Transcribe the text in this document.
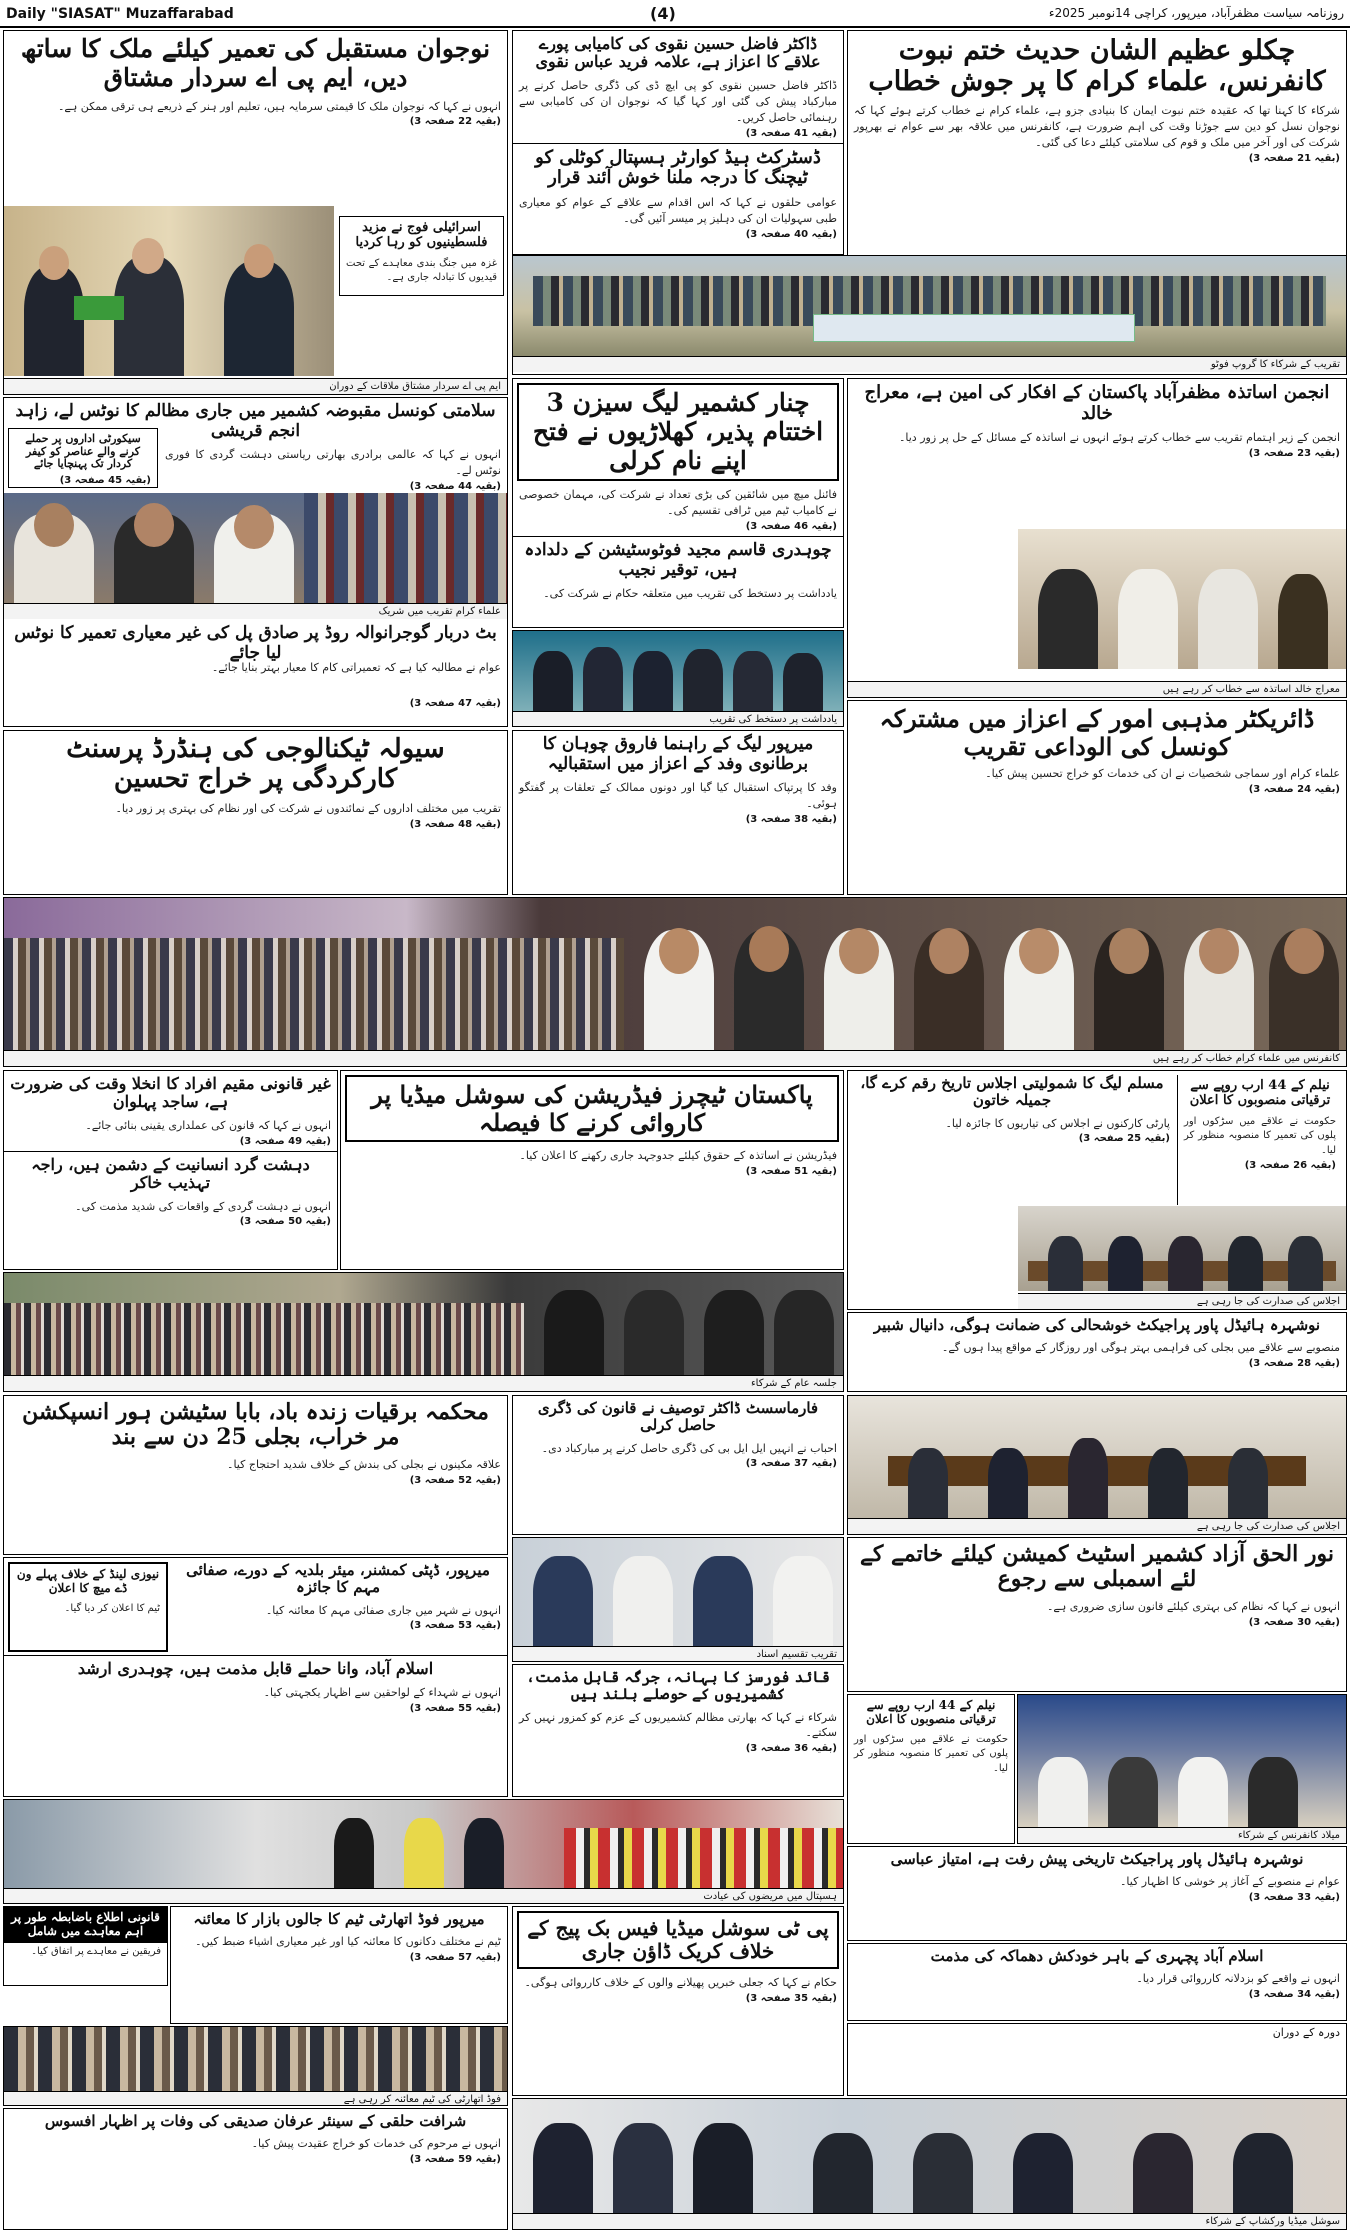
Daily "SIASAT" Muzaffarabad	(4)	روزنامہ سیاست مظفرآباد، میرپور، کراچی 14نومبر 2025ء
چکلو عظیم الشان حدیث ختم نبوت کانفرنس، علماء کرام کا پر جوش خطاب
شرکاء کا کہنا تھا کہ عقیدہ ختم نبوت ایمان کا بنیادی جزو ہے، علماء کرام نے خطاب کرتے ہوئے کہا کہ نوجوان نسل کو دین سے جوڑنا وقت کی اہم ضرورت ہے، کانفرنس میں علاقہ بھر سے عوام نے بھرپور شرکت کی اور آخر میں ملک و قوم کی سلامتی کیلئے دعا کی گئی۔
(بقیہ 21 صفحہ 3)
ڈاکٹر فاضل حسین نقوی کی کامیابی پورے علاقے کا اعزاز ہے، علامہ فرید عباس نقوی
ڈاکٹر فاضل حسین نقوی کو پی ایچ ڈی کی ڈگری حاصل کرنے پر مبارکباد پیش کی گئی اور کہا گیا کہ نوجوان ان کی کامیابی سے رہنمائی حاصل کریں۔
(بقیہ 41 صفحہ 3)
ڈسٹرکٹ ہیڈ کوارٹر ہسپتال کوٹلی کو ٹیچنگ کا درجہ ملنا خوش آئند قرار
عوامی حلقوں نے کہا کہ اس اقدام سے علاقے کے عوام کو معیاری طبی سہولیات ان کی دہلیز پر میسر آئیں گی۔
(بقیہ 40 صفحہ 3)
تقریب کے شرکاء کا گروپ فوٹو
نوجوان مستقبل کی تعمیر کیلئے ملک کا ساتھ دیں، ایم پی اے سردار مشتاق
انہوں نے کہا کہ نوجوان ملک کا قیمتی سرمایہ ہیں، تعلیم اور ہنر کے ذریعے ہی ترقی ممکن ہے۔
(بقیہ 22 صفحہ 3)
ایم پی اے سردار مشتاق ملاقات کے دوران
اسرائیلی فوج نے مزید فلسطینیوں کو رہا کردیا
غزہ میں جنگ بندی معاہدے کے تحت قیدیوں کا تبادلہ جاری ہے۔
سلامتی کونسل مقبوضہ کشمیر میں جاری مظالم کا نوٹس لے، زاہد انجم قریشی
سیکورٹی اداروں پر حملے کرنے والے عناصر کو کیفر کردار تک پہنچایا جائے
(بقیہ 45 صفحہ 3)
انہوں نے کہا کہ عالمی برادری بھارتی ریاستی دہشت گردی کا فوری نوٹس لے۔
(بقیہ 44 صفحہ 3)
علماء کرام تقریب میں شریک
بٹ دربار گوجرانوالہ روڈ پر صادق پل کی غیر معیاری تعمیر کا نوٹس لیا جائے
عوام نے مطالبہ کیا ہے کہ تعمیراتی کام کا معیار بہتر بنایا جائے۔
(بقیہ 47 صفحہ 3)
چنار کشمیر لیگ سیزن 3 اختتام پذیر، کھلاڑیوں نے فتح اپنے نام کرلی
فائنل میچ میں شائقین کی بڑی تعداد نے شرکت کی، مہمان خصوصی نے کامیاب ٹیم میں ٹرافی تقسیم کی۔
(بقیہ 46 صفحہ 3)
چوہدری قاسم مجید فوٹوسٹیشن کے دلدادہ ہیں، توقیر نجیب
یادداشت پر دستخط کی تقریب میں متعلقہ حکام نے شرکت کی۔
یادداشت پر دستخط کی تقریب
انجمن اساتذہ مظفرآباد پاکستان کے افکار کی امین ہے، معراج خالد
انجمن کے زیر اہتمام تقریب سے خطاب کرتے ہوئے انہوں نے اساتذہ کے مسائل کے حل پر زور دیا۔
(بقیہ 23 صفحہ 3)
معراج خالد اساتذہ سے خطاب کر رہے ہیں
ڈائریکٹر مذہبی امور کے اعزاز میں مشترکہ کونسل کی الوداعی تقریب
علماء کرام اور سماجی شخصیات نے ان کی خدمات کو خراج تحسین پیش کیا۔
(بقیہ 24 صفحہ 3)
سیولہ ٹیکنالوجی کی ہنڈرڈ پرسنٹ کارکردگی پر خراج تحسین
تقریب میں مختلف اداروں کے نمائندوں نے شرکت کی اور نظام کی بہتری پر زور دیا۔
(بقیہ 48 صفحہ 3)
میرپور لیگ کے راہنما فاروق چوہان کا برطانوی وفد کے اعزاز میں استقبالیہ
وفد کا پرتپاک استقبال کیا گیا اور دونوں ممالک کے تعلقات پر گفتگو ہوئی۔
(بقیہ 38 صفحہ 3)
کانفرنس میں علماء کرام خطاب کر رہے ہیں
غیر قانونی مقیم افراد کا انخلا وقت کی ضرورت ہے، ساجد پہلوان
انہوں نے کہا کہ قانون کی عملداری یقینی بنائی جائے۔
(بقیہ 49 صفحہ 3)
دہشت گرد انسانیت کے دشمن ہیں، راجہ تہذیب خاکر
انہوں نے دہشت گردی کے واقعات کی شدید مذمت کی۔
(بقیہ 50 صفحہ 3)
پاکستان ٹیچرز فیڈریشن کی سوشل میڈیا پر کاروائی کرنے کا فیصلہ
فیڈریشن نے اساتذہ کے حقوق کیلئے جدوجہد جاری رکھنے کا اعلان کیا۔
(بقیہ 51 صفحہ 3)
مسلم لیگ کا شمولیتی اجلاس تاریخ رقم کرے گا، جمیلہ خاتون
پارٹی کارکنوں نے اجلاس کی تیاریوں کا جائزہ لیا۔
(بقیہ 25 صفحہ 3)
نیلم کے 44 ارب روپے سے ترقیاتی منصوبوں کا اعلان
حکومت نے علاقے میں سڑکوں اور پلوں کی تعمیر کا منصوبہ منظور کر لیا۔
(بقیہ 26 صفحہ 3)
اجلاس کی صدارت کی جا رہی ہے
جلسہ عام کے شرکاء
نوشہرہ ہائیڈل پاور پراجیکٹ خوشحالی کی ضمانت ہوگی، دانیال شبیر
منصوبے سے علاقے میں بجلی کی فراہمی بہتر ہوگی اور روزگار کے مواقع پیدا ہوں گے۔
(بقیہ 28 صفحہ 3)
محکمہ برقیات زندہ باد، بابا سٹیشن ہور انسپکشن مر خراب، بجلی 25 دن سے بند
علاقہ مکینوں نے بجلی کی بندش کے خلاف شدید احتجاج کیا۔
(بقیہ 52 صفحہ 3)
فارماسسٹ ڈاکٹر توصیف نے قانون کی ڈگری حاصل کرلی
احباب نے انہیں ایل ایل بی کی ڈگری حاصل کرنے پر مبارکباد دی۔
(بقیہ 37 صفحہ 3)
اجلاس کی صدارت کی جا رہی ہے
نور الحق آزاد کشمیر اسٹیٹ کمیشن کیلئے خاتمے کے لئے اسمبلی سے رجوع
انہوں نے کہا کہ نظام کی بہتری کیلئے قانون سازی ضروری ہے۔
(بقیہ 30 صفحہ 3)
تقریب تقسیم اسناد
میرپور، ڈپٹی کمشنر، میئر بلدیہ کے دورے، صفائی مہم کا جائزہ
انہوں نے شہر میں جاری صفائی مہم کا معائنہ کیا۔
(بقیہ 53 صفحہ 3)
نیوزی لینڈ کے خلاف پہلے ون ڈے میچ کا اعلان
ٹیم کا اعلان کر دیا گیا۔
اسلام آباد، وانا حملے قابل مذمت ہیں، چوہدری ارشد
انہوں نے شہداء کے لواحقین سے اظہار یکجہتی کیا۔
(بقیہ 55 صفحہ 3)
قائد فورسز کا بہانہ، جرگہ قابل مذمت، کشمیریوں کے حوصلے بلند ہیں
شرکاء نے کہا کہ بھارتی مظالم کشمیریوں کے عزم کو کمزور نہیں کر سکتے۔
(بقیہ 36 صفحہ 3)
میلاد کانفرنس کے شرکاء
نیلم کے 44 ارب روپے سے ترقیاتی منصوبوں کا اعلان
حکومت نے علاقے میں سڑکوں اور پلوں کی تعمیر کا منصوبہ منظور کر لیا۔
ہسپتال میں مریضوں کی عیادت
نوشہرہ ہائیڈل پاور پراجیکٹ تاریخی پیش رفت ہے، امتیاز عباسی
عوام نے منصوبے کے آغاز پر خوشی کا اظہار کیا۔
(بقیہ 33 صفحہ 3)
اسلام آباد پچہری کے باہر خودکش دھماکہ کی مذمت
انہوں نے واقعے کو بزدلانہ کارروائی قرار دیا۔
(بقیہ 34 صفحہ 3)
قانونی اطلاع باضابطہ طور پر اہم معاہدے میں شامل
فریقین نے معاہدے پر اتفاق کیا۔
میرپور فوڈ اتھارٹی ٹیم کا جالوں بازار کا معائنہ
ٹیم نے مختلف دکانوں کا معائنہ کیا اور غیر معیاری اشیاء ضبط کیں۔
(بقیہ 57 صفحہ 3)
فوڈ اتھارٹی کی ٹیم معائنہ کر رہی ہے
شرافت حلقی کے سینئر عرفان صدیقی کی وفات پر اظہار افسوس
انہوں نے مرحوم کی خدمات کو خراج عقیدت پیش کیا۔
(بقیہ 59 صفحہ 3)
پی ٹی سوشل میڈیا فیس بک پیج کے خلاف کریک ڈاؤن جاری
حکام نے کہا کہ جعلی خبریں پھیلانے والوں کے خلاف کارروائی ہوگی۔
(بقیہ 35 صفحہ 3)
سوشل میڈیا ورکشاپ کے شرکاء
دورہ کے دوران
